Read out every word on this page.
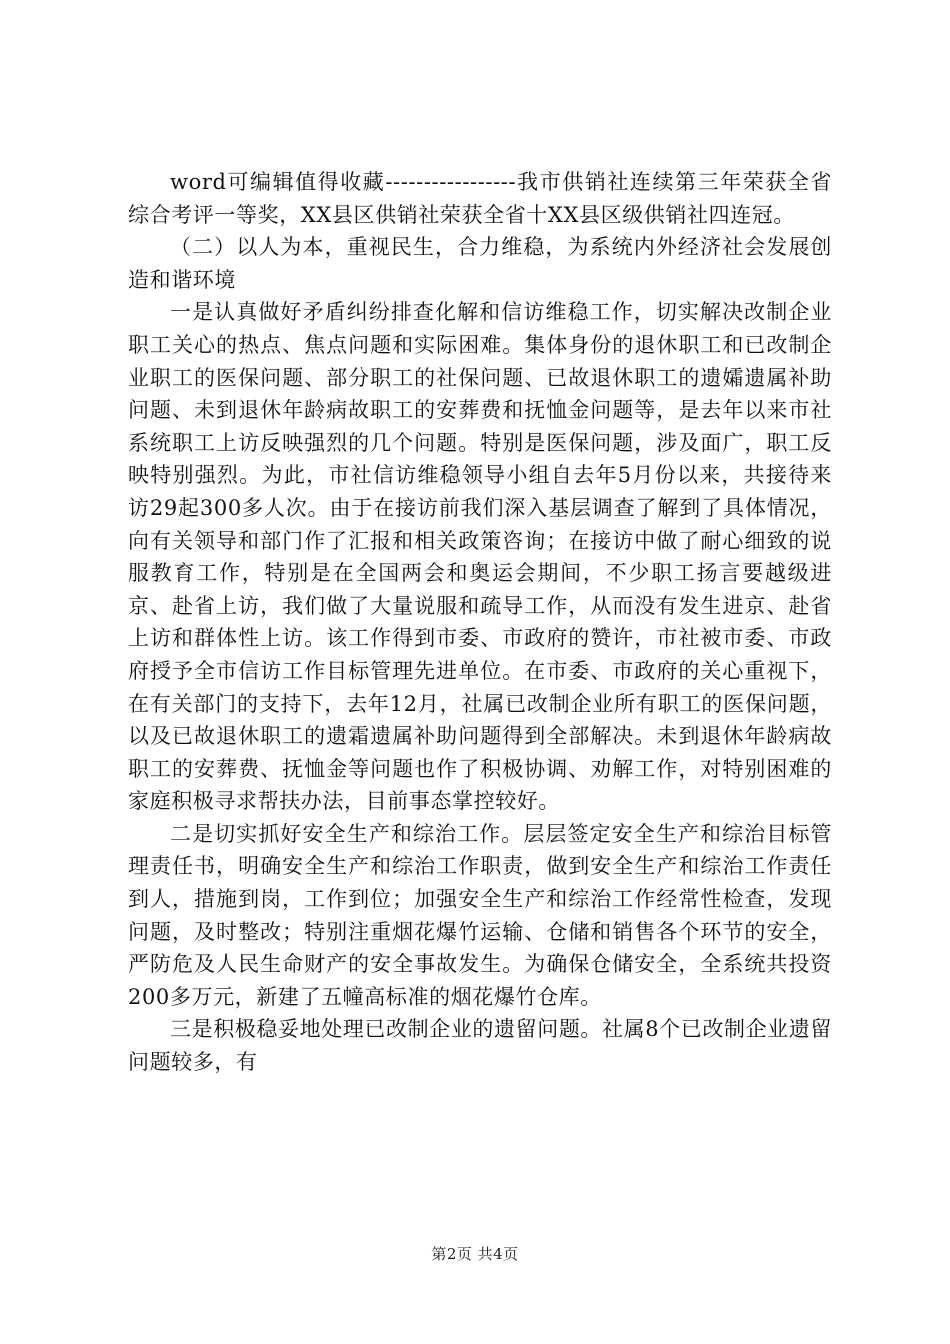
word可编辑值得收藏-----------------我市供销社连续第三年荣获全省综合考评一等奖，XX县区供销社荣获全省十XX县区级供销社四连冠。

（二）以人为本，重视民生，合力维稳，为系统内外经济社会发展创造和谐环境

一是认真做好矛盾纠纷排查化解和信访维稳工作，切实解决改制企业职工关心的热点、焦点问题和实际困难。集体身份的退休职工和已改制企业职工的医保问题、部分职工的社保问题、已故退休职工的遗孀遗属补助问题、未到退休年龄病故职工的安葬费和抚恤金问题等，是去年以来市社系统职工上访反映强烈的几个问题。特别是医保问题，涉及面广，职工反映特别强烈。为此，市社信访维稳领导小组自去年5月份以来，共接待来访29起300多人次。由于在接访前我们深入基层调查了解到了具体情况，向有关领导和部门作了汇报和相关政策咨询；在接访中做了耐心细致的说服教育工作，特别是在全国两会和奥运会期间，不少职工扬言要越级进京、赴省上访，我们做了大量说服和疏导工作，从而没有发生进京、赴省上访和群体性上访。该工作得到市委、市政府的赞许，市社被市委、市政府授予全市信访工作目标管理先进单位。在市委、市政府的关心重视下，在有关部门的支持下，去年12月，社属已改制企业所有职工的医保问题，以及已故退休职工的遗霜遗属补助问题得到全部解决。未到退休年龄病故职工的安葬费、抚恤金等问题也作了积极协调、劝解工作，对特别困难的家庭积极寻求帮扶办法，目前事态掌控较好。

二是切实抓好安全生产和综治工作。层层签定安全生产和综治目标管理责任书，明确安全生产和综治工作职责，做到安全生产和综治工作责任到人，措施到岗，工作到位；加强安全生产和综治工作经常性检查，发现问题，及时整改；特别注重烟花爆竹运输、仓储和销售各个环节的安全，严防危及人民生命财产的安全事故发生。为确保仓储安全，全系统共投资200多万元，新建了五幢高标准的烟花爆竹仓库。

三是积极稳妥地处理已改制企业的遗留问题。社属8个已改制企业遗留问题较多，有

第2页 共4页
